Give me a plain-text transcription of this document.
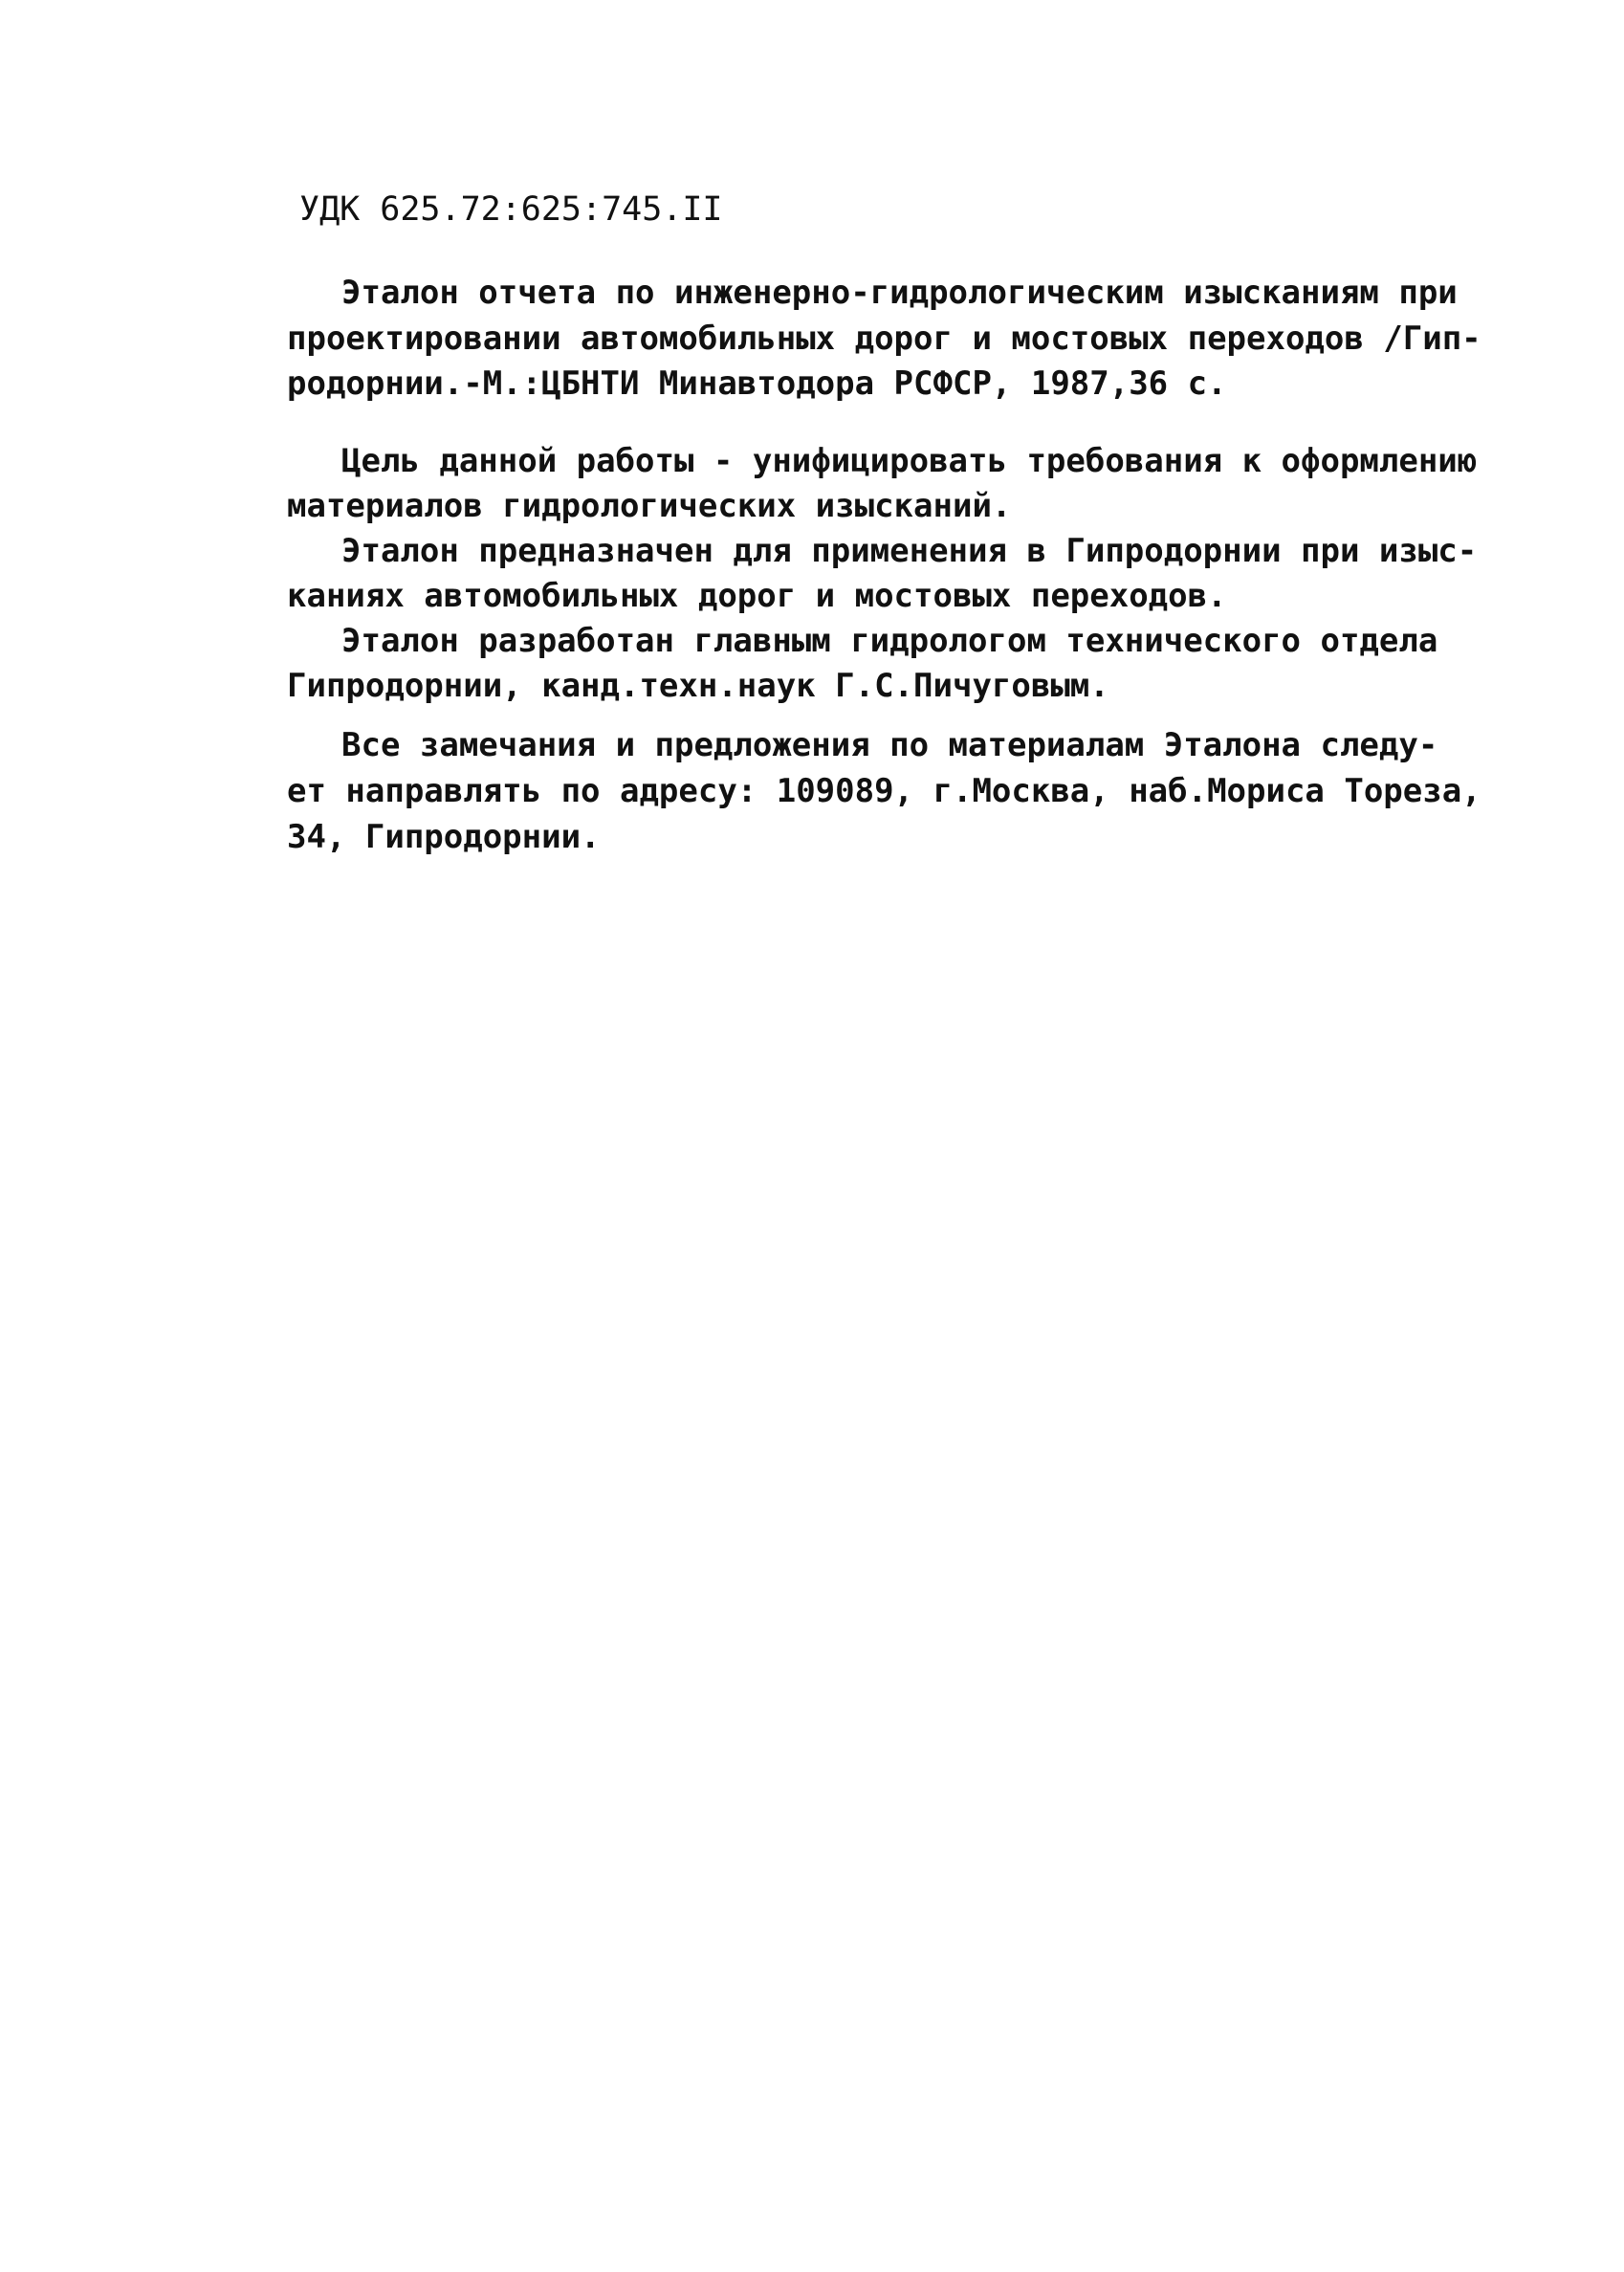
УДК 625.72:625:745.II
Эталон отчета по инженерно-гидрологическим изысканиям при
проектировании автомобильных дорог и мостовых переходов /Гип-
родорнии.-М.:ЦБНТИ Минавтодора РСФСР, 1987,36 с.
Цель данной работы - унифицировать требования к оформлению
материалов гидрологических изысканий.
Эталон предназначен для применения в Гипродорнии при изыс-
каниях автомобильных дорог и мостовых переходов.
Эталон разработан главным гидрологом технического отдела
Гипродорнии, канд.техн.наук Г.С.Пичуговым.
Все замечания и предложения по материалам Эталона следу-
ет направлять по адресу: 109089, г.Москва, наб.Мориса Тореза,
34, Гипродорнии.
